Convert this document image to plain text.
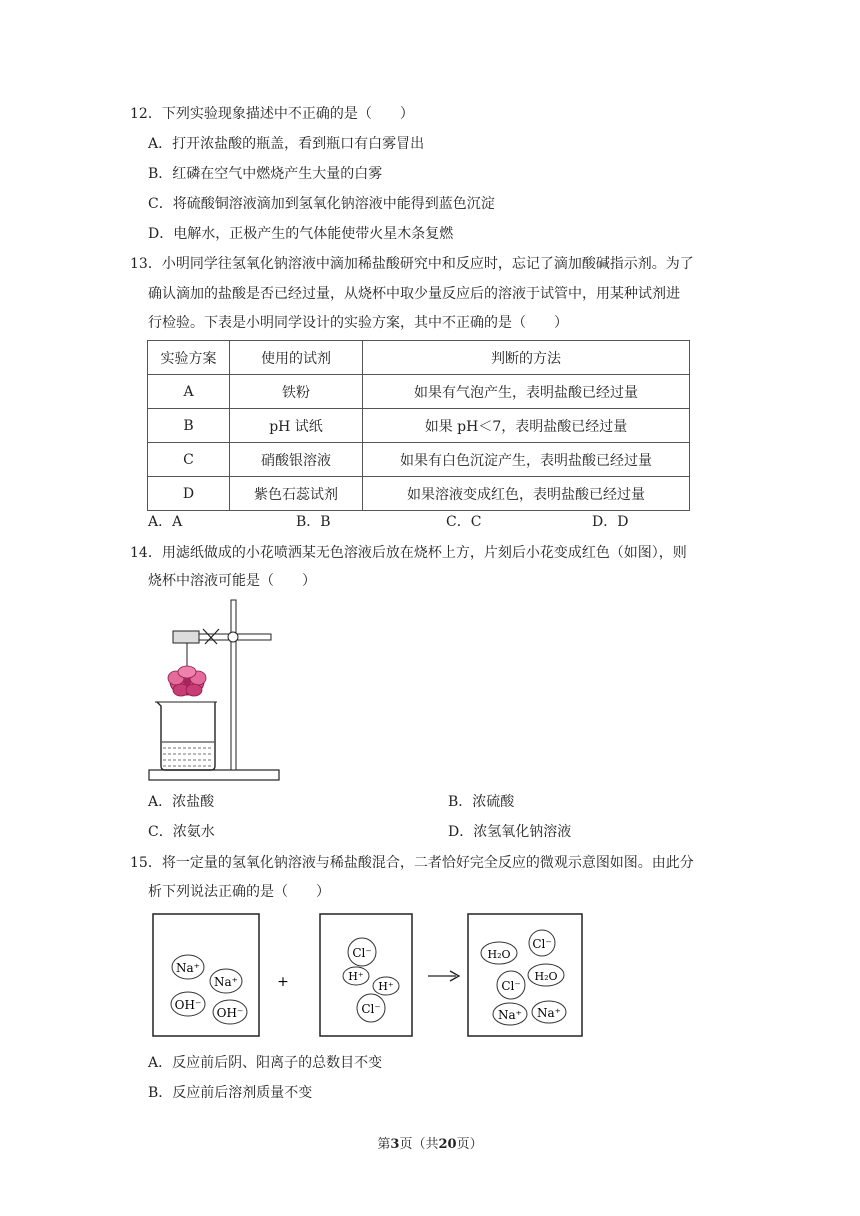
12．下列实验现象描述中不正确的是（　　）
A．打开浓盐酸的瓶盖，看到瓶口有白雾冒出
B．红磷在空气中燃烧产生大量的白雾
C．将硫酸铜溶液滴加到氢氧化钠溶液中能得到蓝色沉淀
D．电解水，正极产生的气体能使带火星木条复燃
13．小明同学往氢氧化钠溶液中滴加稀盐酸研究中和反应时，忘记了滴加酸碱指示剂。为了
确认滴加的盐酸是否已经过量，从烧杯中取少量反应后的溶液于试管中，用某种试剂进
行检验。下表是小明同学设计的实验方案，其中不正确的是（　　）
实验方案	使用的试剂	判断的方法
A	铁粉	如果有气泡产生，表明盐酸已经过量
B	pH 试纸	如果 pH＜7，表明盐酸已经过量
C	硝酸银溶液	如果有白色沉淀产生，表明盐酸已经过量
D	紫色石蕊试剂	如果溶液变成红色，表明盐酸已经过量
A．A	B．B	C．C	D．D
14．用滤纸做成的小花喷洒某无色溶液后放在烧杯上方，片刻后小花变成红色（如图），则
烧杯中溶液可能是（　　）
A．浓盐酸	B．浓硫酸
C．浓氨水	D．浓氢氧化钠溶液
15．将一定量的氢氧化钠溶液与稀盐酸混合，二者恰好完全反应的微观示意图如图。由此分
析下列说法正确的是（　　）
Na⁺
Na⁺
OH⁻
OH⁻
+
Cl⁻
H⁺
H⁺
Cl⁻
H₂O
Cl⁻
Cl⁻
H₂O
Na⁺ Na⁺
A．反应前后阴、阳离子的总数目不变
B．反应前后溶剂质量不变
第3页（共20页）
